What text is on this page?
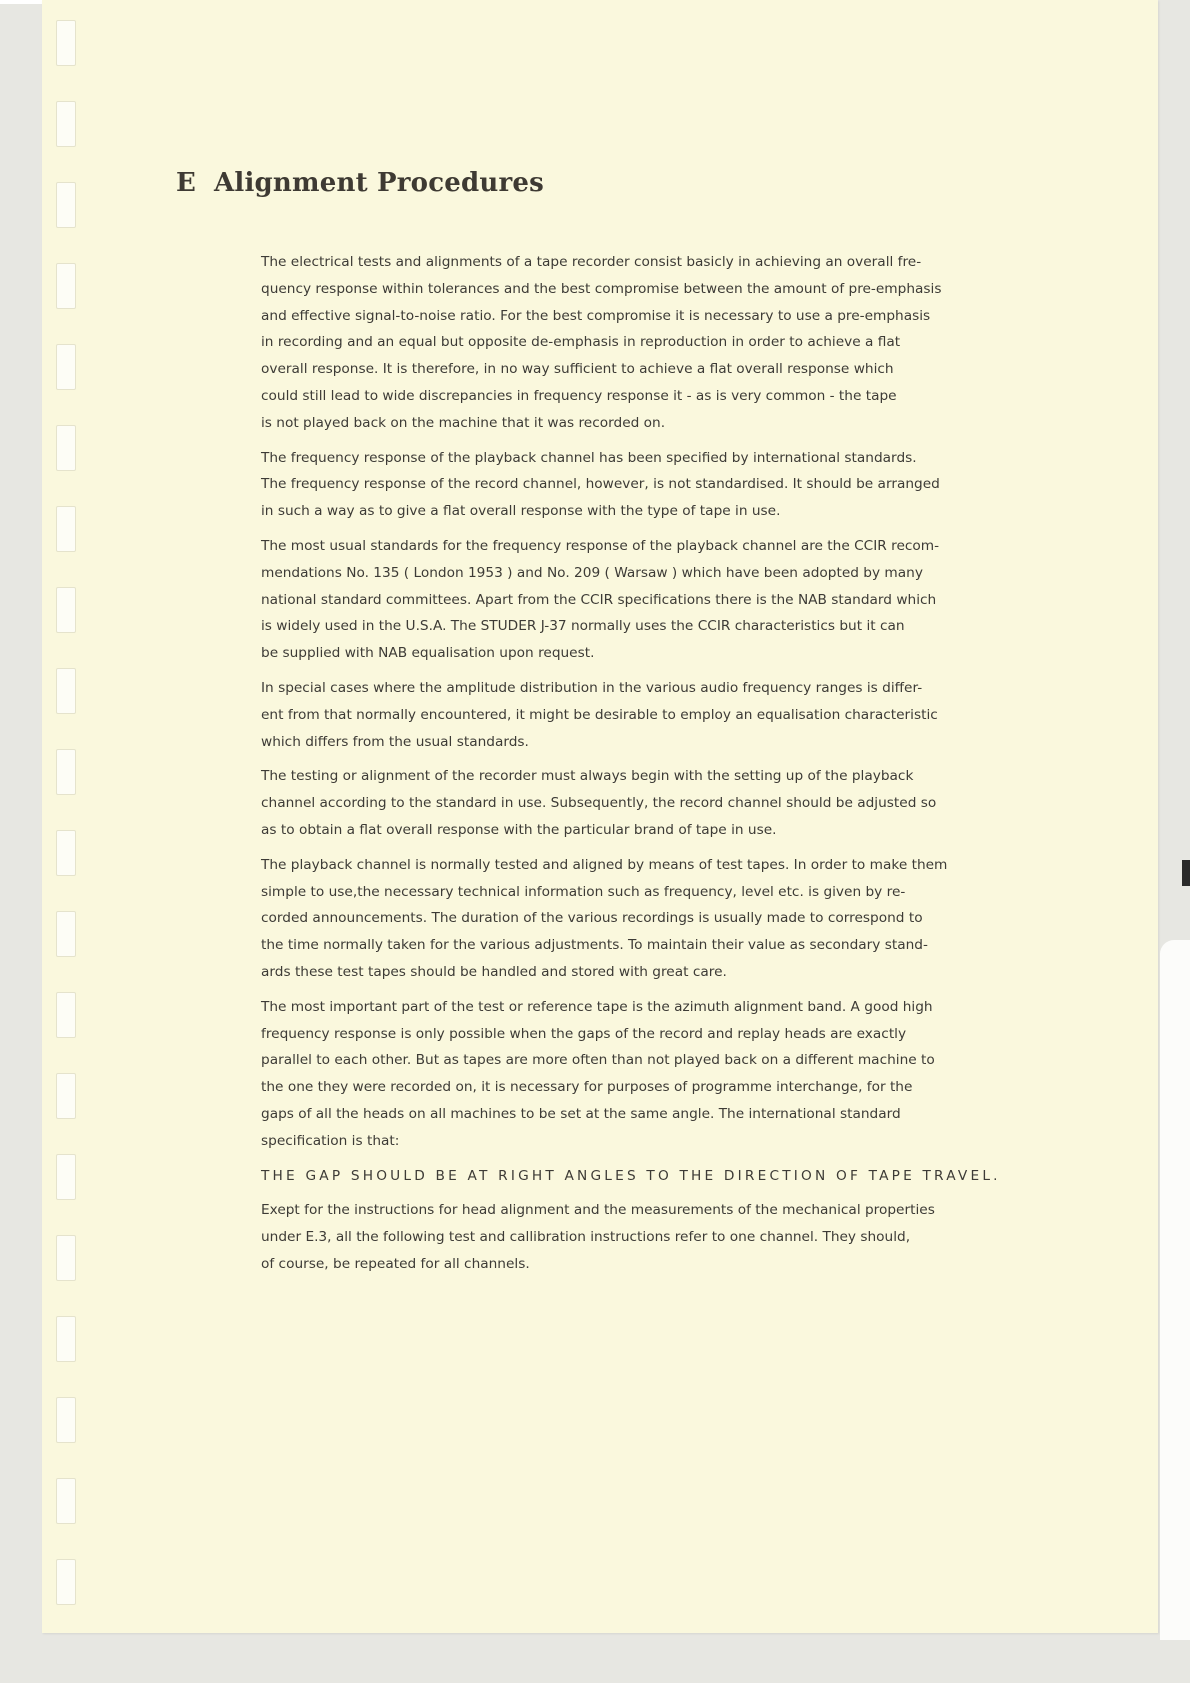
E Alignment Procedures

The electrical tests and alignments of a tape recorder consist basicly in achieving an overall fre-
quency response within tolerances and the best compromise between the amount of pre-emphasis
and effective signal-to-noise ratio. For the best compromise it is necessary to use a pre-emphasis
in recording and an equal but opposite de-emphasis in reproduction in order to achieve a flat
overall response. It is therefore, in no way sufficient to achieve a flat overall response which
could still lead to wide discrepancies in frequency response it - as is very common - the tape
is not played back on the machine that it was recorded on.

The frequency response of the playback channel has been specified by international standards.
The frequency response of the record channel, however, is not standardised. It should be arranged
in such a way as to give a flat overall response with the type of tape in use.

The most usual standards for the frequency response of the playback channel are the CCIR recom-
mendations No. 135 ( London 1953 ) and No. 209 ( Warsaw ) which have been adopted by many
national standard committees. Apart from the CCIR specifications there is the NAB standard which
is widely used in the U.S.A. The STUDER J-37 normally uses the CCIR characteristics but it can
be supplied with NAB equalisation upon request.

In special cases where the amplitude distribution in the various audio frequency ranges is differ-
ent from that normally encountered, it might be desirable to employ an equalisation characteristic
which differs from the usual standards.

The testing or alignment of the recorder must always begin with the setting up of the playback
channel according to the standard in use. Subsequently, the record channel should be adjusted so
as to obtain a flat overall response with the particular brand of tape in use.

The playback channel is normally tested and aligned by means of test tapes. In order to make them
simple to use,the necessary technical information such as frequency, level etc. is given by re-
corded announcements. The duration of the various recordings is usually made to correspond to
the time normally taken for the various adjustments. To maintain their value as secondary stand-
ards these test tapes should be handled and stored with great care.

The most important part of the test or reference tape is the azimuth alignment band. A good high
frequency response is only possible when the gaps of the record and replay heads are exactly
parallel to each other. But as tapes are more often than not played back on a different machine to
the one they were recorded on, it is necessary for purposes of programme interchange, for the
gaps of all the heads on all machines to be set at the same angle. The international standard
specification is that:

THE GAP SHOULD BE AT RIGHT ANGLES TO THE DIRECTION OF TAPE TRAVEL.

Exept for the instructions for head alignment and the measurements of the mechanical properties
under E.3, all the following test and callibration instructions refer to one channel. They should,
of course, be repeated for all channels.
